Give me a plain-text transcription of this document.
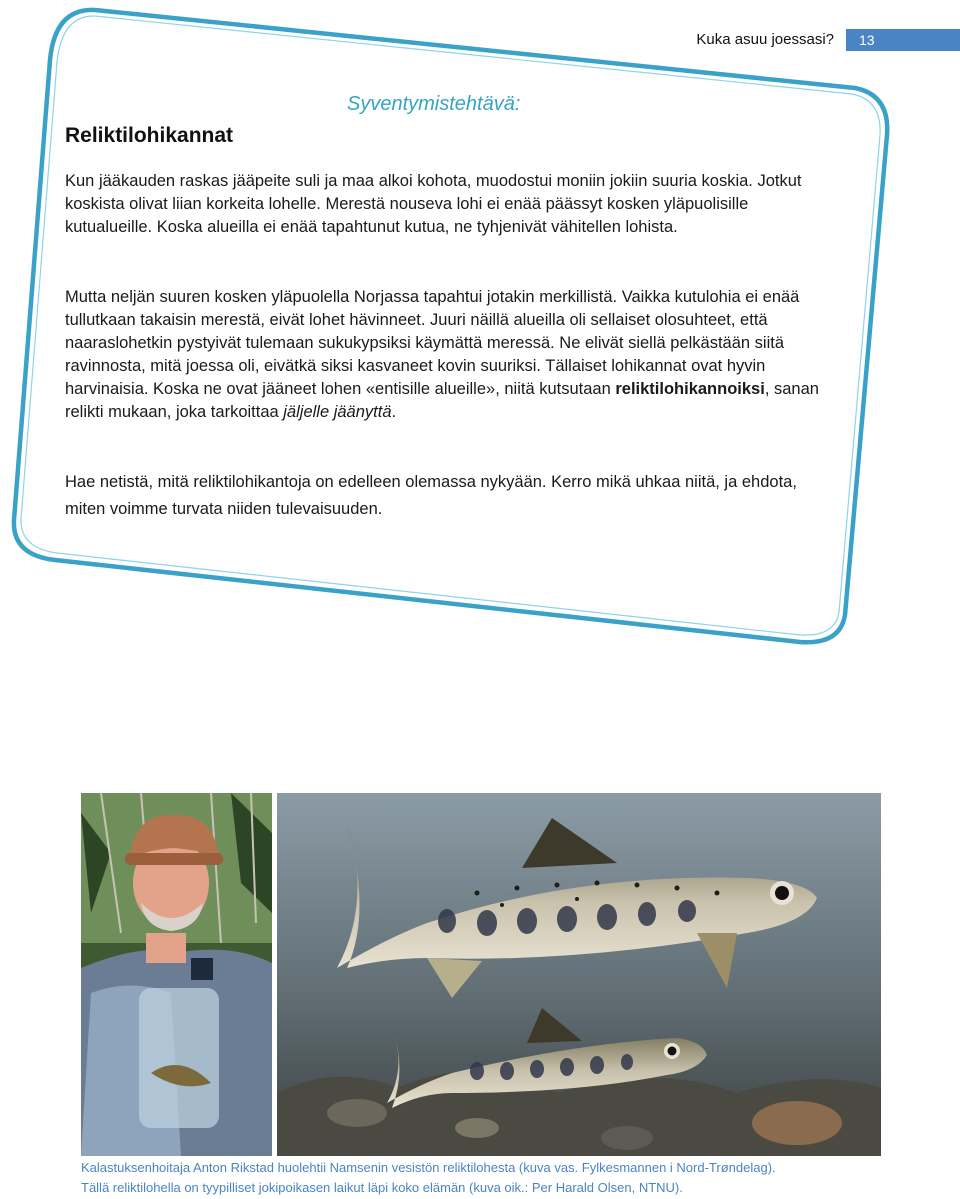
Kuka asuu joessasi?	13
Syventymistehtävä:
Reliktilohikannat

Kun jääkauden raskas jääpeite suli ja maa alkoi kohota, muodostui moniin jokiin suuria koskia. Jotkut koskista olivat liian korkeita lohelle. Merestä nouseva lohi ei enää päässyt kosken yläpuolisille kutualueille. Koska alueilla ei enää tapahtunut kutua, ne tyhjenivät vähitellen lohista.

Mutta neljän suuren kosken yläpuolella Norjassa tapahtui jotakin merkillistä. Vaikka kutulohia ei enää tullutkaan takaisin merestä, eivät lohet hävinneet. Juuri näillä alueilla oli sellaiset olosuhteet, että naaraslohetkin pystyivät tulemaan sukukypsiksi käymättä meressä. Ne elivät siellä pelkästään siitä ravinnosta, mitä joessa oli, eivätkä siksi kasvaneet kovin suuriksi. Tällaiset lohikannat ovat hyvin harvinaisia. Koska ne ovat jääneet lohen «entisille alueille», niitä kutsutaan reliktilohikannoiksi, sanan relikti mukaan, joka tarkoittaa jäljelle jäänyttä.

Hae netistä, mitä reliktilohikantoja on edelleen olemassa nykyään. Kerro mikä uhkaa niitä, ja ehdota, miten voimme turvata niiden tulevaisuuden.

Kalastuksenhoitaja Anton Rikstad huolehtii Namsenin vesistön reliktilohesta (kuva vas. Fylkesmannen i Nord-Trøndelag).
Tällä reliktilohella on tyypilliset jokipoikasen laikut läpi koko elämän (kuva oik.: Per Harald Olsen, NTNU).
